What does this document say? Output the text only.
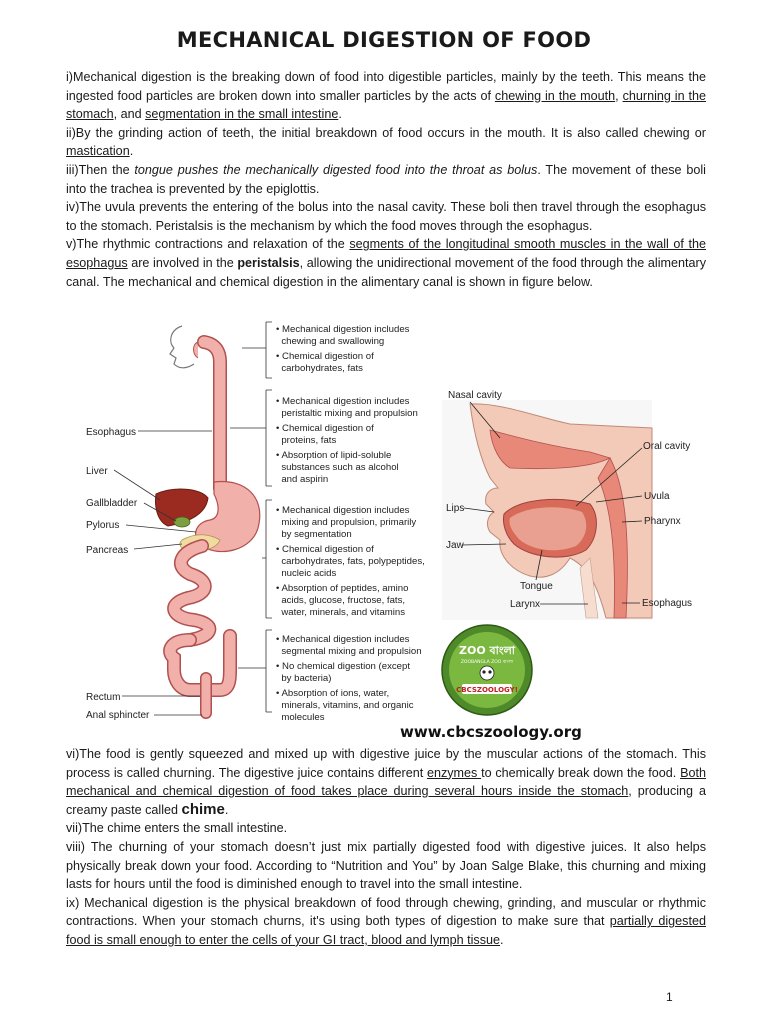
MECHANICAL DIGESTION OF FOOD

i)Mechanical digestion is the breaking down of food into digestible particles, mainly by the teeth. This means the ingested food particles are broken down into smaller particles by the acts of chewing in the mouth, churning in the stomach, and segmentation in the small intestine.

ii)By the grinding action of teeth, the initial breakdown of food occurs in the mouth. It is also called chewing or mastication.

iii)Then the tongue pushes the mechanically digested food into the throat as bolus. The movement of these boli into the trachea is prevented by the epiglottis.

iv)The uvula prevents the entering of the bolus into the nasal cavity. These boli then travel through the esophagus to the stomach. Peristalsis is the mechanism by which the food moves through the esophagus.

v)The rhythmic contractions and relaxation of the segments of the longitudinal smooth muscles in the wall of the esophagus are involved in the peristalsis, allowing the unidirectional movement of the food through the alimentary canal. The mechanical and chemical digestion in the alimentary canal is shown in figure below.

Esophagus
Liver
Gallbladder
Pylorus
Pancreas
Rectum
Anal sphincter
• Mechanical digestion includes
chewing and swallowing
• Chemical digestion of
carbohydrates, fats
• Mechanical digestion includes
peristaltic mixing and propulsion
• Chemical digestion of
proteins, fats
• Absorption of lipid-soluble
substances such as alcohol
and aspirin
• Mechanical digestion includes
mixing and propulsion, primarily
by segmentation
• Chemical digestion of
carbohydrates, fats, polypeptides,
nucleic acids
• Absorption of peptides, amino
acids, glucose, fructose, fats,
water, minerals, and vitamins
• Mechanical digestion includes
segmental mixing and propulsion
• No chemical digestion (except
by bacteria)
• Absorption of ions, water,
minerals, vitamins, and organic
molecules
Nasal cavity
Oral cavity
Uvula
Lips
Pharynx
Jaw
Tongue
Larynx	Esophagus
ZOO বাংলা
ZOOBANGLA ZOO বাংলা
CBCSZOOLOGY!
www.cbcszoology.org

vi)The food is gently squeezed and mixed up with digestive juice by the muscular actions of the stomach. This process is called churning. The digestive juice contains different enzymes to chemically break down the food. Both mechanical and chemical digestion of food takes place during several hours inside the stomach, producing a creamy paste called chime.

vii)The chime enters the small intestine.

viii) The churning of your stomach doesn’t just mix partially digested food with digestive juices. It also helps physically break down your food. According to “Nutrition and You” by Joan Salge Blake, this churning and mixing lasts for hours until the food is diminished enough to travel into the small intestine.

ix) Mechanical digestion is the physical breakdown of food through chewing, grinding, and muscular or rhythmic contractions. When your stomach churns, it's using both types of digestion to make sure that partially digested food is small enough to enter the cells of your GI tract, blood and lymph tissue.

1
